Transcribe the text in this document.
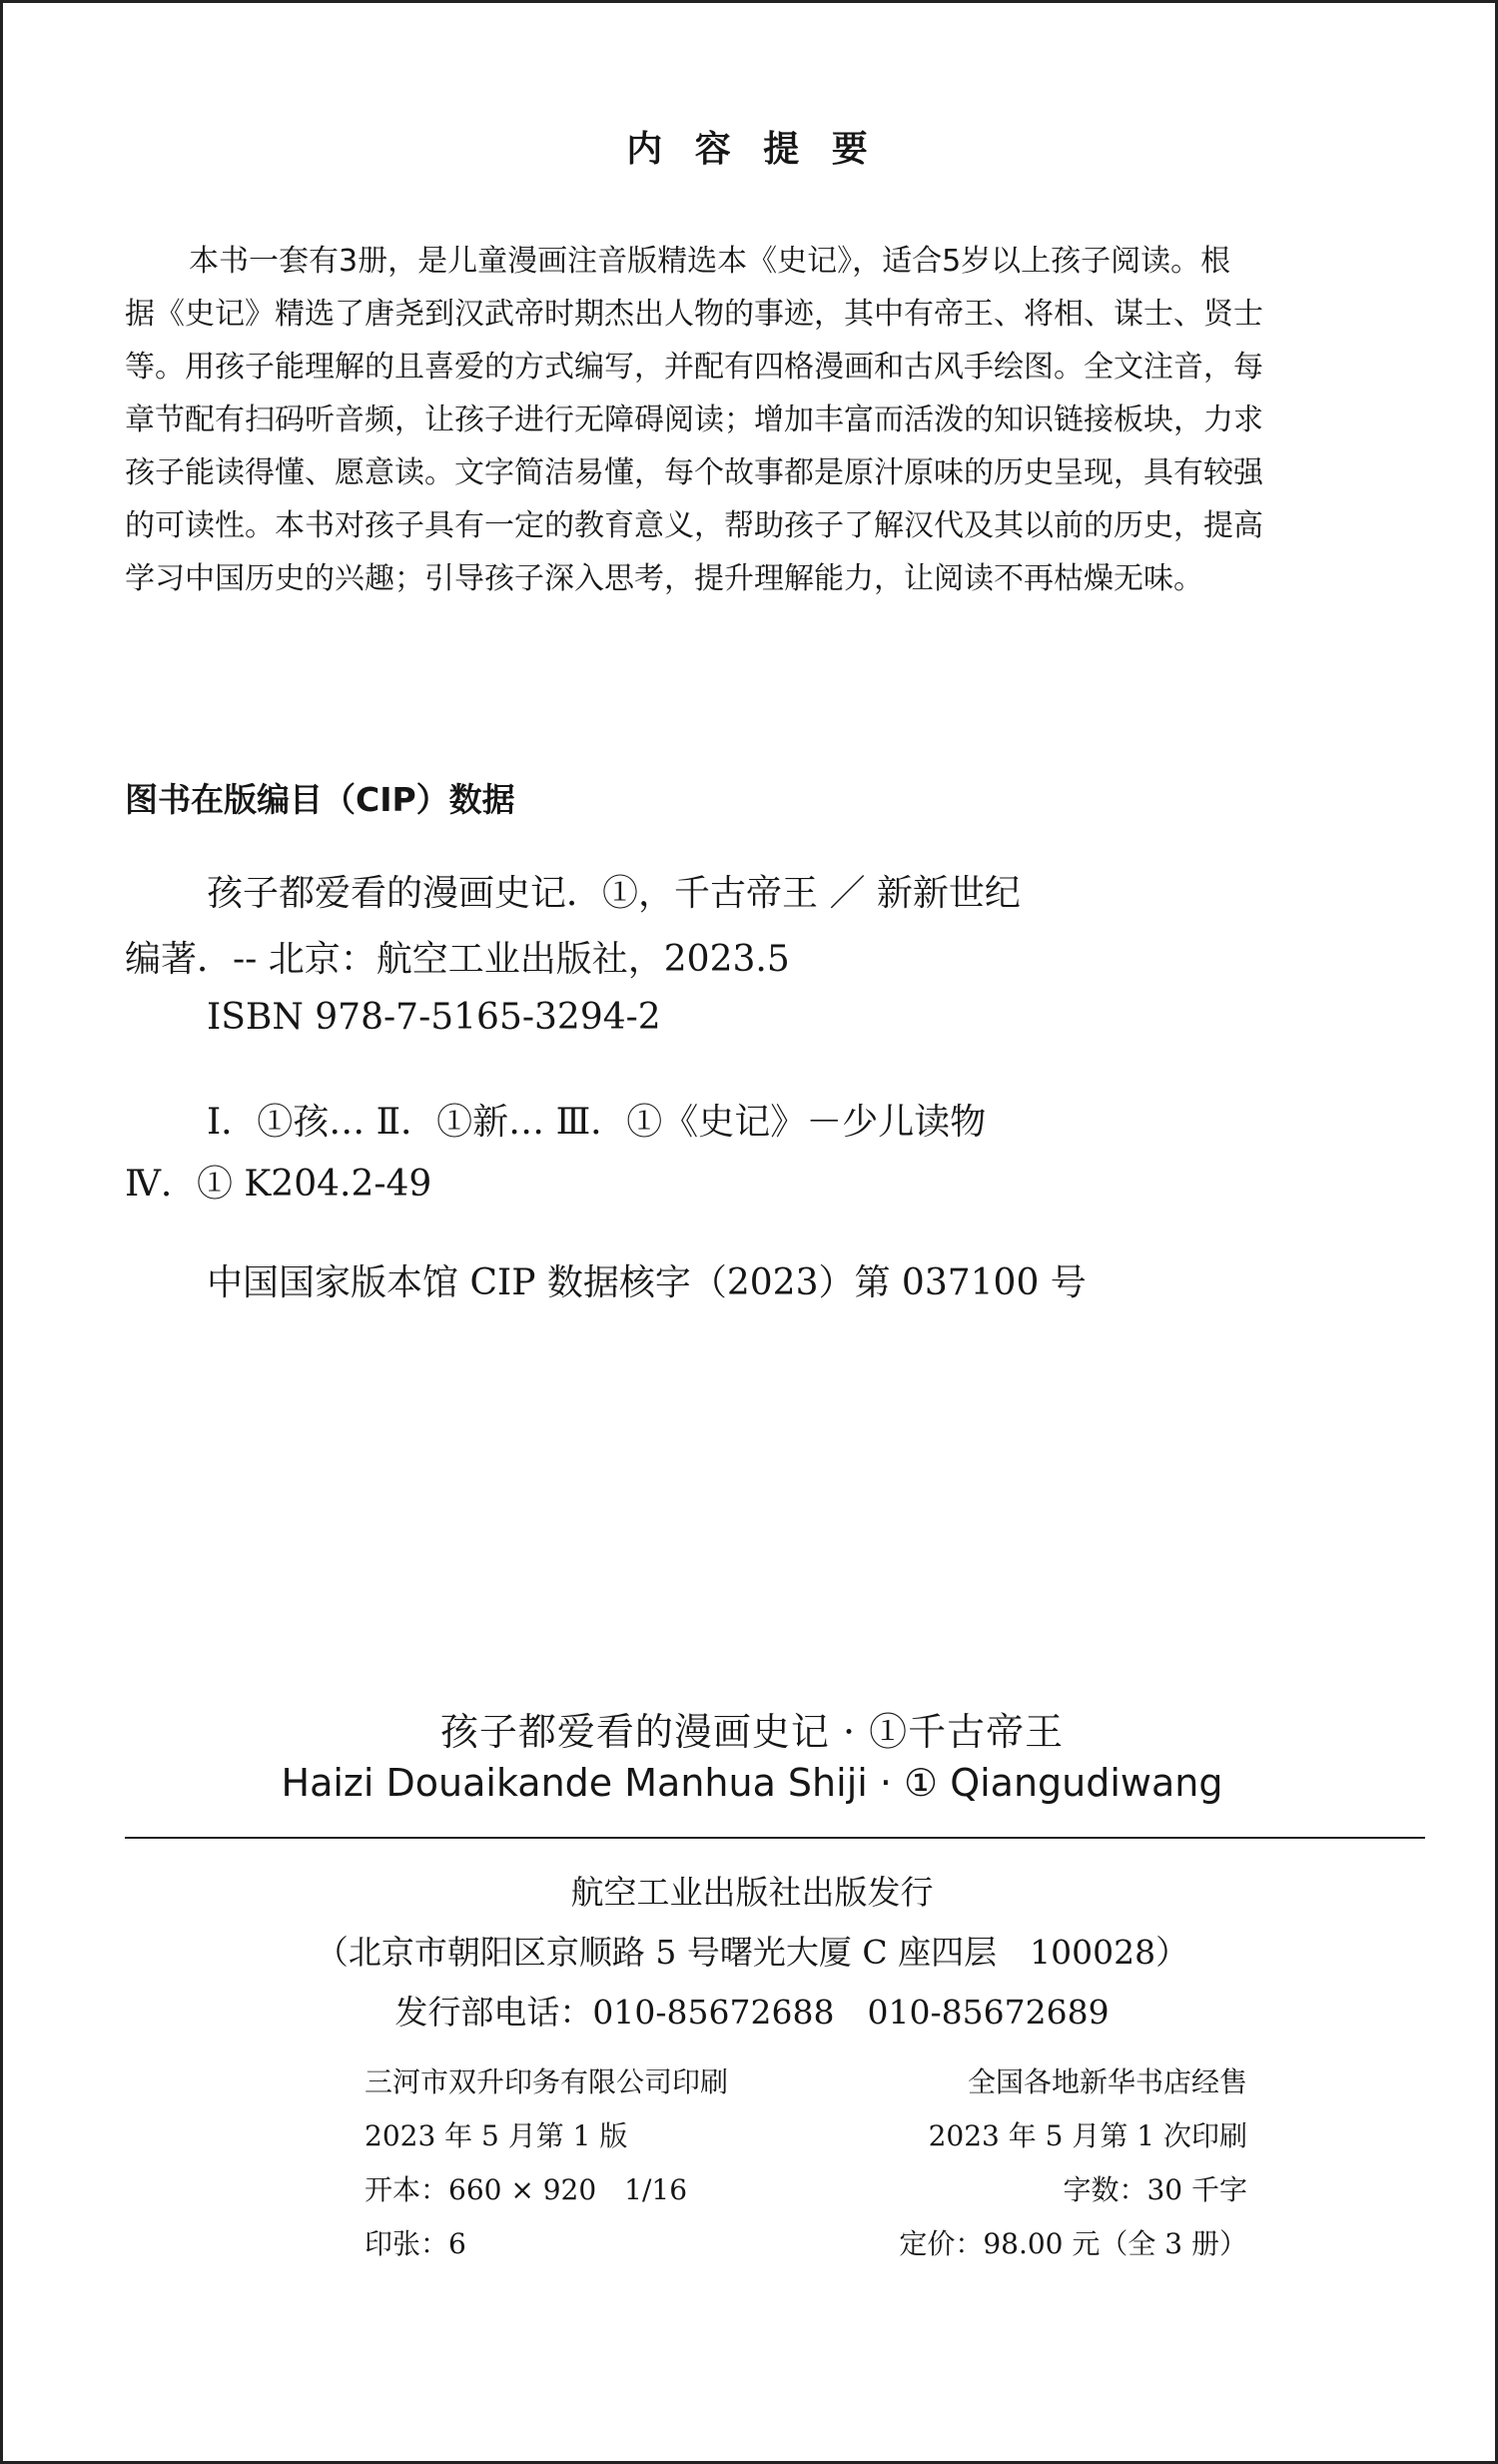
内 容 提 要
本书一套有3册，是儿童漫画注音版精选本《史记》，适合5岁以上孩子阅读。根
据《史记》精选了唐尧到汉武帝时期杰出人物的事迹，其中有帝王、将相、谋士、贤士
等。用孩子能理解的且喜爱的方式编写，并配有四格漫画和古风手绘图。全文注音，每
章节配有扫码听音频，让孩子进行无障碍阅读；增加丰富而活泼的知识链接板块，力求
孩子能读得懂、愿意读。文字简洁易懂，每个故事都是原汁原味的历史呈现，具有较强
的可读性。本书对孩子具有一定的教育意义，帮助孩子了解汉代及其以前的历史，提高
学习中国历史的兴趣；引导孩子深入思考，提升理解能力，让阅读不再枯燥无味。
图书在版编目（CIP）数据
孩子都爱看的漫画史记．①，千古帝王 ／ 新新世纪
编著．-- 北京：航空工业出版社，2023.5
ISBN 978-7-5165-3294-2
Ⅰ．①孩… Ⅱ．①新… Ⅲ．①《史记》－少儿读物
Ⅳ．① K204.2-49
中国国家版本馆 CIP 数据核字（2023）第 037100 号
孩子都爱看的漫画史记 · ①千古帝王
Haizi Douaikande Manhua Shiji · ① Qiangudiwang
航空工业出版社出版发行
（北京市朝阳区京顺路 5 号曙光大厦 C 座四层　100028）
发行部电话：010-85672688　010-85672689
三河市双升印务有限公司印刷	全国各地新华书店经售
2023 年 5 月第 1 版	2023 年 5 月第 1 次印刷
开本：660 × 920　1/16	字数：30 千字
印张：6	定价：98.00 元（全 3 册）
